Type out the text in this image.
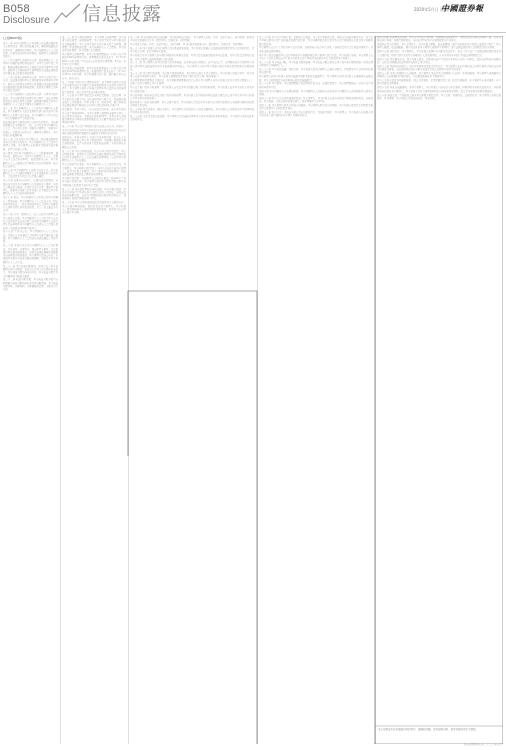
B058
Disclosure 信息披露	2020年5月日 星期六
中國證券報
(上接B057版)

第十一条 本基金管理人应当按照有关法律法规和基金合同的约定，履行信息披露义务，确保所披露信息的真实性、准确性和完整性。基金份额持有人大会的召集、议事及表决的程序和规则，依照基金合同的约定执行。

（一）基金管理人的权利与义务：依法募集资金，办理基金份额的发售和登记事宜；自基金合同生效之日起，根据法律法规和基金合同独立运用并管理基金财产；依照基金合同收取基金管理费以及法律法规规定或中国证监会批准的其他费用。

（二）基金托管人的权利与义务：自基金合同生效之日起，依法律法规和基金合同的规定安全保管基金财产；依基金合同约定获得基金托管费以及法律法规规定或监管部门批准的其他费用；监督基金管理人对本基金的投资运作。

（三）基金份额持有人的权利与义务：分享基金财产收益；参与分配清算后的剩余基金财产；依法申请赎回或转让其持有的基金份额；按照规定要求召开基金份额持有人大会或者召集基金份额持有人大会。

第十二条 基金份额持有人大会由基金份额持有人组成，基金份额持有人的合法授权代表有权代表基金份额持有人出席会议并表决。基金份额持有人持有的每一基金份额拥有平等的投票权。

除法律法规另有规定或基金合同另有约定外，当出现或需要决定下列事由之一的，应当召开基金份额持有人大会：终止基金合同；更换基金管理人；更换基金托管人；转换基金运作方式；调整基金管理人、基金托管人的报酬标准。

第十三条 会议召集人及召集方式。除法律法规规定或基金合同另有约定外，基金份额持有人大会由基金管理人召集。基金管理人未按规定召集或不能召集时，由基金托管人召集。

第十四条 召开基金份额持有人大会的通知时间、通知内容、通知方式。召开基金份额持有人大会，召集人应于会议召开前30日，在规定媒介公告。基金份额持有人大会通知应至少载明会议召开的时间、地点和会议形式。

第十五条 基金份额持有人出席会议的方式。基金份额持有人大会可通过现场开会方式或通讯开会方式召开。会议的召开方式由会议召集人确定。

第十六条 议事内容与程序。议事内容及提案权：议事内容为关系基金份额持有人利益的重大事项，如基金合同的重大修改、决定终止基金合同、更换基金管理人、更换基金托管人以及召集人认为需提交基金份额持有人大会讨论的其他事项。

第十七条 表决。基金份额持有人所持每份基金份额有一票表决权。基金份额持有人大会决议分为一般决议和特别决议：一般决议须经参加大会的基金份额持有人或其代理人所持表决权的二分之一以上通过方为有效。

第十八条 计票。现场开会：如大会由基金管理人或基金托管人召集，基金份额持有人大会的主持人应当在会议开始后宣布在出席会议的基金份额持有人和代理人中选举两名基金份额持有人代表与大会召集人授权的一名监督员共同担任监票人。

第十九条 生效与公告。基金份额持有人大会的决议，召集人应当自通过之日起5日内报中国证监会备案。基金份额持有人大会的决议自表决通过之日起生效。

第二十条 本部分关于基金份额持有人大会召开事由、召开条件、议事程序、表决条件等规定，凡是直接引用法律法规的部分，如将来法律法规修改导致相关内容被取消或变更的，基金管理人提前公告后，可直接对本部分内容进行修改和调整，无需召开基金份额持有人大会审议。

第二十一条 基金收益分配原则：本基金每一基金份额享有同等分配权；在符合有关基金分红条件的前提下，基金收益分配每年最多4次；基金收益分配后基金份额净值不能低于面值。

第二十二条 收益分配方案：基金收益分配方案中应载明截止收益分配基准日的可供分配利润、基金收益分配对象、分配时间、分配数额及比例、分配方式等内容。

第二十三条 基金费用的种类：基金管理人的管理费；基金托管人的托管费；销售服务费；基金合同生效后与基金相关的信息披露费用；基金合同生效后与基金相关的会计师费、律师费、仲裁费和诉讼费；基金份额持有人大会费用；基金的证券交易费用；基金的银行汇划费用。

基金管理人的管理费：本基金的管理费按前一日基金资产净值的0.60%年费率计提。管理费的计算方法如下：H＝E×0.60%÷当年天数，H为每日应计提的基金管理费，E为前一日的基金资产净值。

基金托管人的托管费：本基金的托管费按前一日基金资产净值的0.10%的年费率计提。托管费的计算方法如下：H＝E×0.10%÷当年天数。基金托管费每日计提，逐日累计至每月月末，按月支付。

第二十四条 不列入基金费用的项目：基金管理人和基金托管人因未履行或未完全履行义务导致的费用支出或基金财产的损失；基金管理人和基金托管人处理与基金运作无关的事项发生的费用；基金合同生效前的相关费用。

第二十五条 基金财产的投资方向和投资限制。投资范围：本基金的投资范围为具有良好流动性的金融工具，包括国内依法发行上市的债券、货币市场工具、同业存单、银行存款以及法律法规或中国证监会允许基金投资的其他金融工具。

投资限制：本基金持有一家公司发行的证券，其市值不超过基金资产净值的10%；本基金管理人管理的全部基金持有一家公司发行的证券，不超过该证券的10%；本基金进入全国银行间同业市场进行债券回购的资金余额不得超过基金资产净值的40%。

第二十六条 基金资产净值的计算方法和公告方式。估值日：本基金的估值日为本基金相关的证券交易场所的交易日以及国家法律法规规定需要对外披露基金净值的非交易日。

估值方法：证券交易所上市的有价证券的估值；处于未上市期间的有价证券应区分如下情况处理；全国银行间债券市场交易的债券、资产支持证券等固定收益品种，采用估值技术确定公允价值。

第二十七条 基金合同的变更、终止与基金财产的清算。基金合同的变更：变更基金合同涉及法律法规规定或本合同约定应经基金份额持有人大会决议通过的事项的，应召开基金份额持有人大会决议通过。

基金合同的终止事由：基金份额持有人大会决定终止的；基金管理人、基金托管人职责终止，在6个月内没有新基金管理人、新基金托管人承接的；基金合同约定的其他情形；相关法律法规和中国证监会规定的其他情况。

基金财产的清算：自出现基金合同终止事由之日起30个工作日内成立清算小组，基金管理人组织基金财产清算小组并在中国证监会的监督下进行基金清算。

第二十八条 争议的处理和适用的法律。各方当事人同意，因基金合同而产生的或与基金合同有关的一切争议，如经友好协商未能解决的，应提交中国国际经济贸易仲裁委员会，按照其时有效的仲裁规则进行仲裁。

第二十九条 基金合同存放地和投资者取得基金合同的方式。基金合同可印制成册，供投资者在基金管理人、基金托管人、销售机构的办公场所和营业场所查阅，但其效力应以基金合同正本为准。

第三十条 基金托管协议的内容摘要。基金托管协议当事人：基金管理人名称、住所、法定代表人、成立时间、批准设立机关及批准设立文号、组织形式、注册资本、存续期间。

基金托管人名称、住所、法定代表人、成立时间、基金托管业务批准文号、组织形式、注册资本、存续期间。

第三十一条 基金托管人对基金管理人的业务监督和核查。基金托管人根据有关法律法规的规定及基金合同的约定，对基金投资范围、投资对象进行监督。

基金托管人对基金管理人参与银行间债券市场进行监督，对基金投资流通受限证券进行监督，对基金投资比例进行监督，对基金管理人选择存款银行进行监督。

第三十二条 基金管理人对基金托管人的业务核查。在本协议的有效期内，在不违反公平、合理原则以及不妨碍基金托管人遵守相关法律法规及其行业监管要求的基础上，基金管理人有权对基金托管人履行本协议的情况进行必要的核查。

第三十三条 基金财产的保管。基金财产保管的原则：基金财产应独立于基金管理人、基金托管人的固有财产；基金托管人应安全保管基金财产；基金托管人按照规定开设基金财产的资金账户和证券账户。

基金募集期间及募集资金的验资：基金募集期间募集的资金应存于基金管理人在基金托管人处开立的基金募集专户。该账户由基金管理人开立并管理。

基金资金账户的开立和管理：基金托管人应负责本基金的银行账户的开设和管理。基金托管人以本基金的名义开设本基金的银行账户。

基金证券账户和证券交易资金账户的开设和管理：基金托管人在中国证券登记结算有限责任公司为基金开立基金托管人与基金联名的证券账户。

债券托管专户的开设和管理：基金合同生效后，基金托管人负责以本基金的名义申请并取得进入全国银行间同业拆借市场的交易资格。

第三十四条 指令的发送、确认及执行。基金管理人对发送指令人员的书面授权，基金托管人应对授权文件中的印鉴和签字样本进行核对。

第三十五条 交易及清算交收安排。基金管理人负责选择代理本基金证券买卖的证券经营机构，并与其签订证券交易单元租用协议。

第三十六条 基金资产净值计算、估值和会计核算。基金资产净值的计算、复核与完成的时间及程序：基金资产净值是指基金资产总值减去负债后的价值。基金份额净值是指计算日基金资产净值除以计算日基金份额总数后的价值。

基金管理人应每个工作日对基金资产估值。估值原则应符合基金合同、《证券投资基金会计核算业务指引》及其他法律法规的规定。

用于基金信息披露的基金资产净值和基金份额净值由基金管理人负责计算，基金托管人复核。基金管理人应于每个工作日交易结束后计算当日的基金资产净值并以加密传真方式发送给基金托管人。

第三十七条 基金收益分配。基金收益分配的依据：基金收益分配是指将该基金的可供分配利润按一定的比例分配给基金份额持有人。

第三十八条 基金信息披露。保密义务：基金托管人和基金管理人应按各自职责，严格遵守基金合同及本托管协议的约定。

基金管理人和基金托管人在信息披露中的职责和信息披露程序：基金管理人和基金托管人应根据相关法律法规、基金合同的规定各自承担相应的信息披露职责。

第三十九条 基金费用。基金管理费的计提比例和计提方法：在通常情况下，基金管理费按前一日基金资产净值的年费率计提。

第四十条 基金份额持有人名册的保管。基金份额持有人名册的内容包括基金份额持有人的名称和持有的基金份额。

第四十一条 基金有关文件和档案的保存。基金管理人、基金托管人应按各自职责完整保存原始凭证、记账凭证、基金账册、交易记录和重要合同等，保存期限不少于15年。

第四十二条 基金管理人和基金托管人的更换。基金管理人职责终止的情形、基金托管人职责终止的情形及相关程序按照基金合同的约定执行。

第四十三条 禁止行为。本协议当事人禁止从事的行为，包括但不限于：基金管理人、基金托管人将其固有财产或者他人财产混同于基金财产从事证券投资。

第四十四条 托管协议的变更、终止与基金财产的清算。托管协议的变更程序：本协议双方当事人经协商一致，可以对协议进行变更。变更后的新协议，其内容不得与基金合同的规定有任何冲突。

托管协议终止的情形：基金合同终止；基金托管人解散、依法被撤销、破产或由其他基金托管人接管基金财产；基金管理人解散、依法被撤销、破产或由其他基金管理人接管基金管理权；发生法律法规或基金合同规定的终止事项。

第四十五条 违约责任。基金管理人、基金托管人在履行各自职责的过程中，违反《基金法》等法律法规的规定或者基金合同约定，给基金财产或者基金份额持有人造成损害的，应当分别对各自的行为依法承担赔偿责任。

第四十六条 争议解决方式。双方当事人同意，因本协议而产生的或与本协议有关的一切争议，除经友好协商可以解决的，应提交中国国际经济贸易仲裁委员会进行仲裁。

第四十七条 托管协议的效力。双方对托管协议的效力约定如下：基金管理人在向中国证监会申请注册基金时提交的基金托管协议草案，应经托管协议双方当事人的法定代表人或授权代表签字或盖章。

第四十八条 对基金份额持有人的服务。基金管理人承诺为基金份额持有人提供一系列的服务。基金管理人将根据基金份额持有人的需要和市场的变化，有权增加和修改以下服务项目。

持有人交易记录查询及邮寄服务；网上交易服务；定期定额投资计划；信息定制服务；客户服务中心电话服务；客户投诉及建议受理服务。

第四十九条 其他应披露事项。本基金管理人、基金托管人目前无重大诉讼事项。招募说明书存放及查阅方式：本招募说明书存放在基金管理人、基金托管人及基金销售机构的办公场所和营业场所，投资者可在营业时间免费查阅。

第五十条 备查文件。中国证监会准予基金募集注册的文件；基金合同；托管协议；法律意见书；基金管理人业务资格批件、营业执照；基金托管人业务资格批件、营业执照。

本公司保证本信息披露内容的真实、准确和完整，没有虚假记载、误导性陈述或重大遗漏。
基金管理有限公司 二〇二〇年五月
